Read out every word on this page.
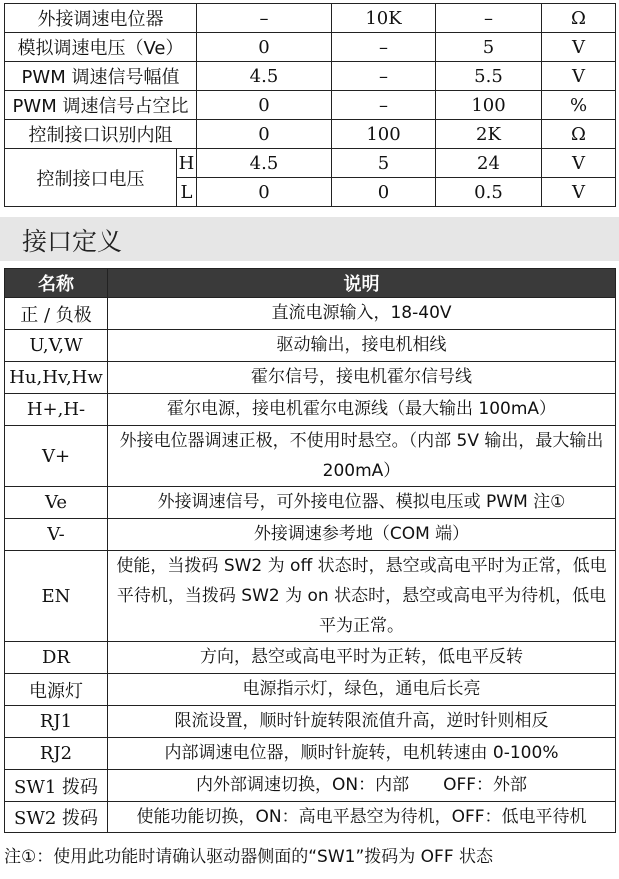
外接调速电位器		–	10K	–	Ω
模拟调速电压（Ve）		0	–	5	V
PWM 调速信号幅值		4.5	–	5.5	V
PWM 调速信号占空比		0	–	100	%
控制接口识别内阻		0	100	2K	Ω
控制接口电压	H	4.5	5	24	V
	L	0	0	0.5	V
接口定义
名称	说明
正 / 负极	直流电源输入，18-40V
U,V,W	驱动输出，接电机相线
Hu,Hv,Hw	霍尔信号，接电机霍尔信号线
H+,H-	霍尔电源，接电机霍尔电源线（最大输出 100mA）
V+	外接电位器调速正极，不使用时悬空。（内部 5V 输出，最大输出 200mA）
Ve	外接调速信号，可外接电位器、模拟电压或 PWM 注①
V-	外接调速参考地（COM 端）
EN	使能，当拨码 SW2 为 off 状态时，悬空或高电平时为正常，低电平待机，当拨码 SW2 为 on 状态时，悬空或高电平为待机，低电平为正常。
DR	方向，悬空或高电平时为正转，低电平反转
电源灯	电源指示灯，绿色，通电后长亮
RJ1	限流设置，顺时针旋转限流值升高，逆时针则相反
RJ2	内部调速电位器，顺时针旋转，电机转速由 0-100%
SW1 拨码	内外部调速切换，ON：内部　　OFF：外部
SW2 拨码	使能功能切换，ON：高电平悬空为待机，OFF：低电平待机
注①：使用此功能时请确认驱动器侧面的“SW1”拨码为 OFF 状态
